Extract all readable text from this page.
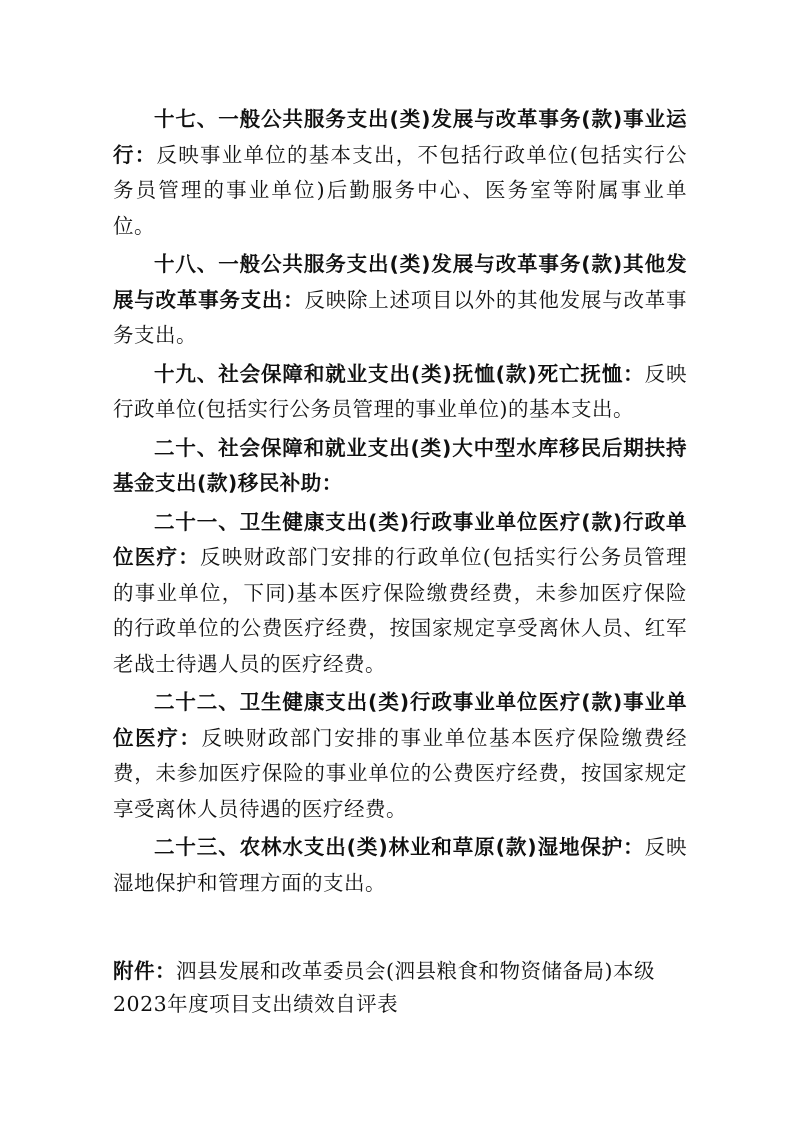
十七、一般公共服务支出(类)发展与改革事务(款)事业运行：反映事业单位的基本支出，不包括行政单位(包括实行公务员管理的事业单位)后勤服务中心、医务室等附属事业单位。

十八、一般公共服务支出(类)发展与改革事务(款)其他发展与改革事务支出：反映除上述项目以外的其他发展与改革事务支出。

十九、社会保障和就业支出(类)抚恤(款)死亡抚恤：反映行政单位(包括实行公务员管理的事业单位)的基本支出。

二十、社会保障和就业支出(类)大中型水库移民后期扶持基金支出(款)移民补助：

二十一、卫生健康支出(类)行政事业单位医疗(款)行政单位医疗：反映财政部门安排的行政单位(包括实行公务员管理的事业单位，下同)基本医疗保险缴费经费，未参加医疗保险的行政单位的公费医疗经费，按国家规定享受离休人员、红军老战士待遇人员的医疗经费。

二十二、卫生健康支出(类)行政事业单位医疗(款)事业单位医疗：反映财政部门安排的事业单位基本医疗保险缴费经费，未参加医疗保险的事业单位的公费医疗经费，按国家规定享受离休人员待遇的医疗经费。

二十三、农林水支出(类)林业和草原(款)湿地保护：反映湿地保护和管理方面的支出。

附件：泗县发展和改革委员会(泗县粮食和物资储备局)本级2023年度项目支出绩效自评表
